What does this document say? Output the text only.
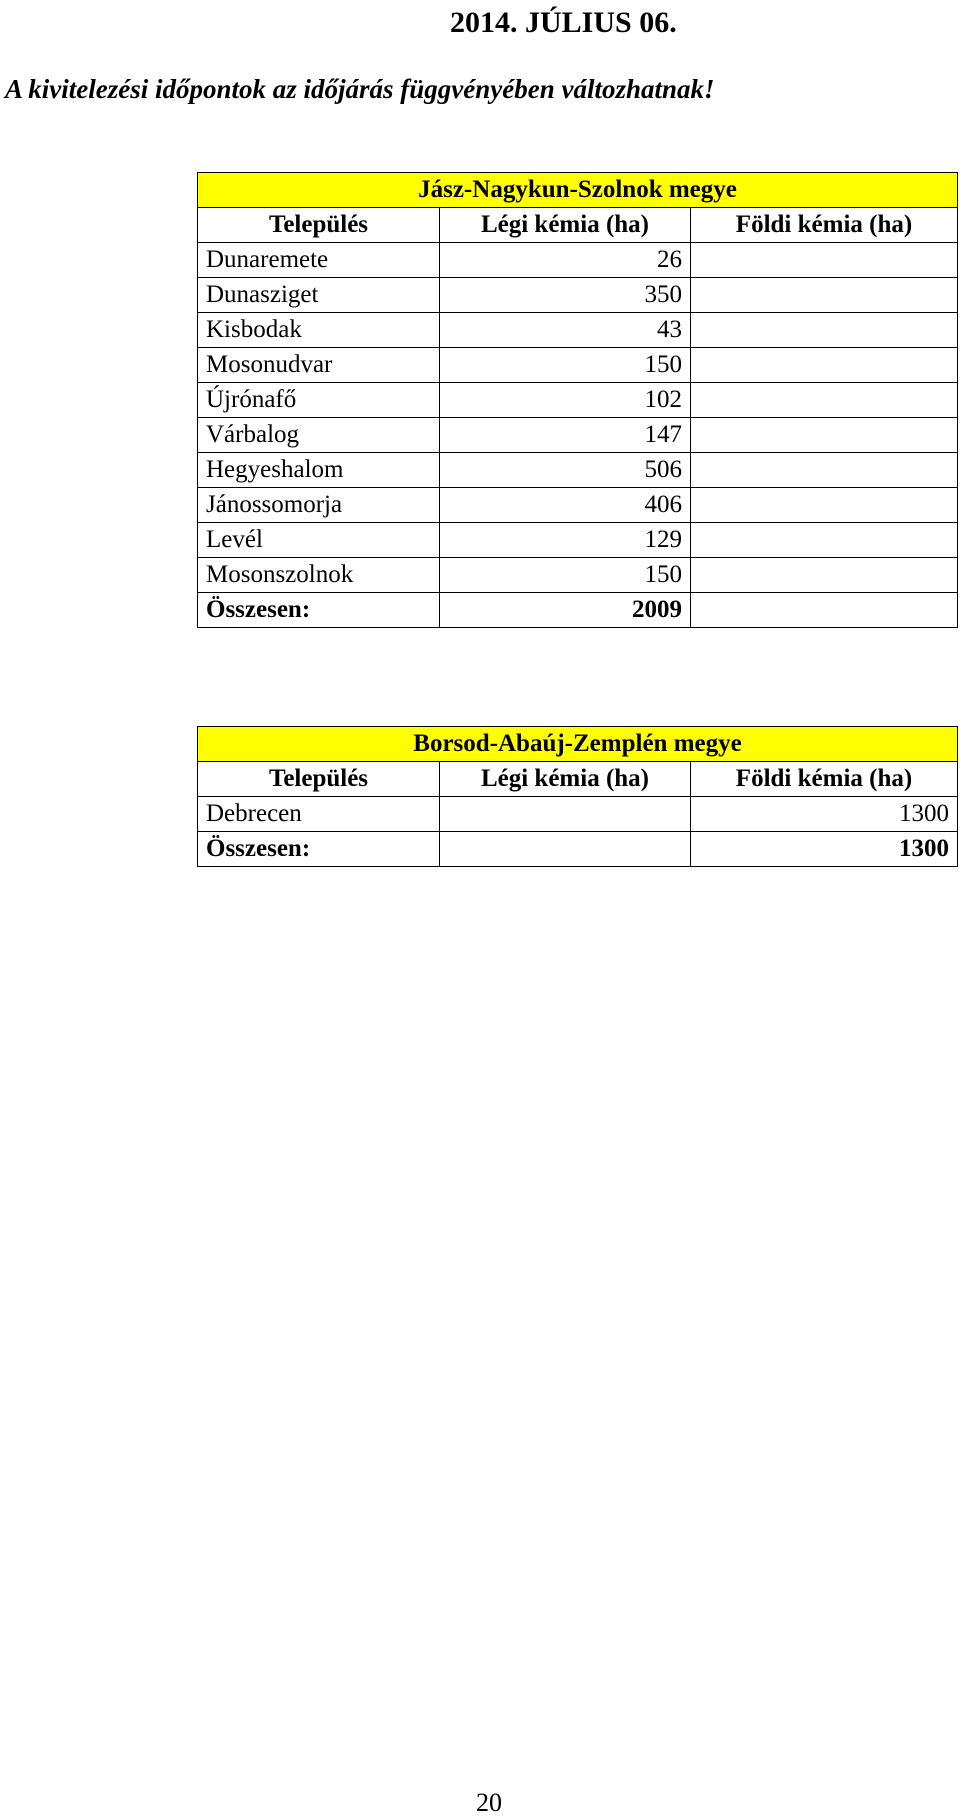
2014. JÚLIUS 06.
A kivitelezési időpontok az időjárás függvényében változhatnak!
Jász-Nagykun-Szolnok megye		
Település	Légi kémia (ha)	Földi kémia (ha)
Dunaremete	26	
Dunasziget	350	
Kisbodak	43	
Mosonudvar	150	
Újrónafő	102	
Várbalog	147	
Hegyeshalom	506	
Jánossomorja	406	
Levél	129	
Mosonszolnok	150	
Összesen:	2009	
Borsod-Abaúj-Zemplén megye		
Település	Légi kémia (ha)	Földi kémia (ha)
Debrecen		1300
Összesen:		1300
20
